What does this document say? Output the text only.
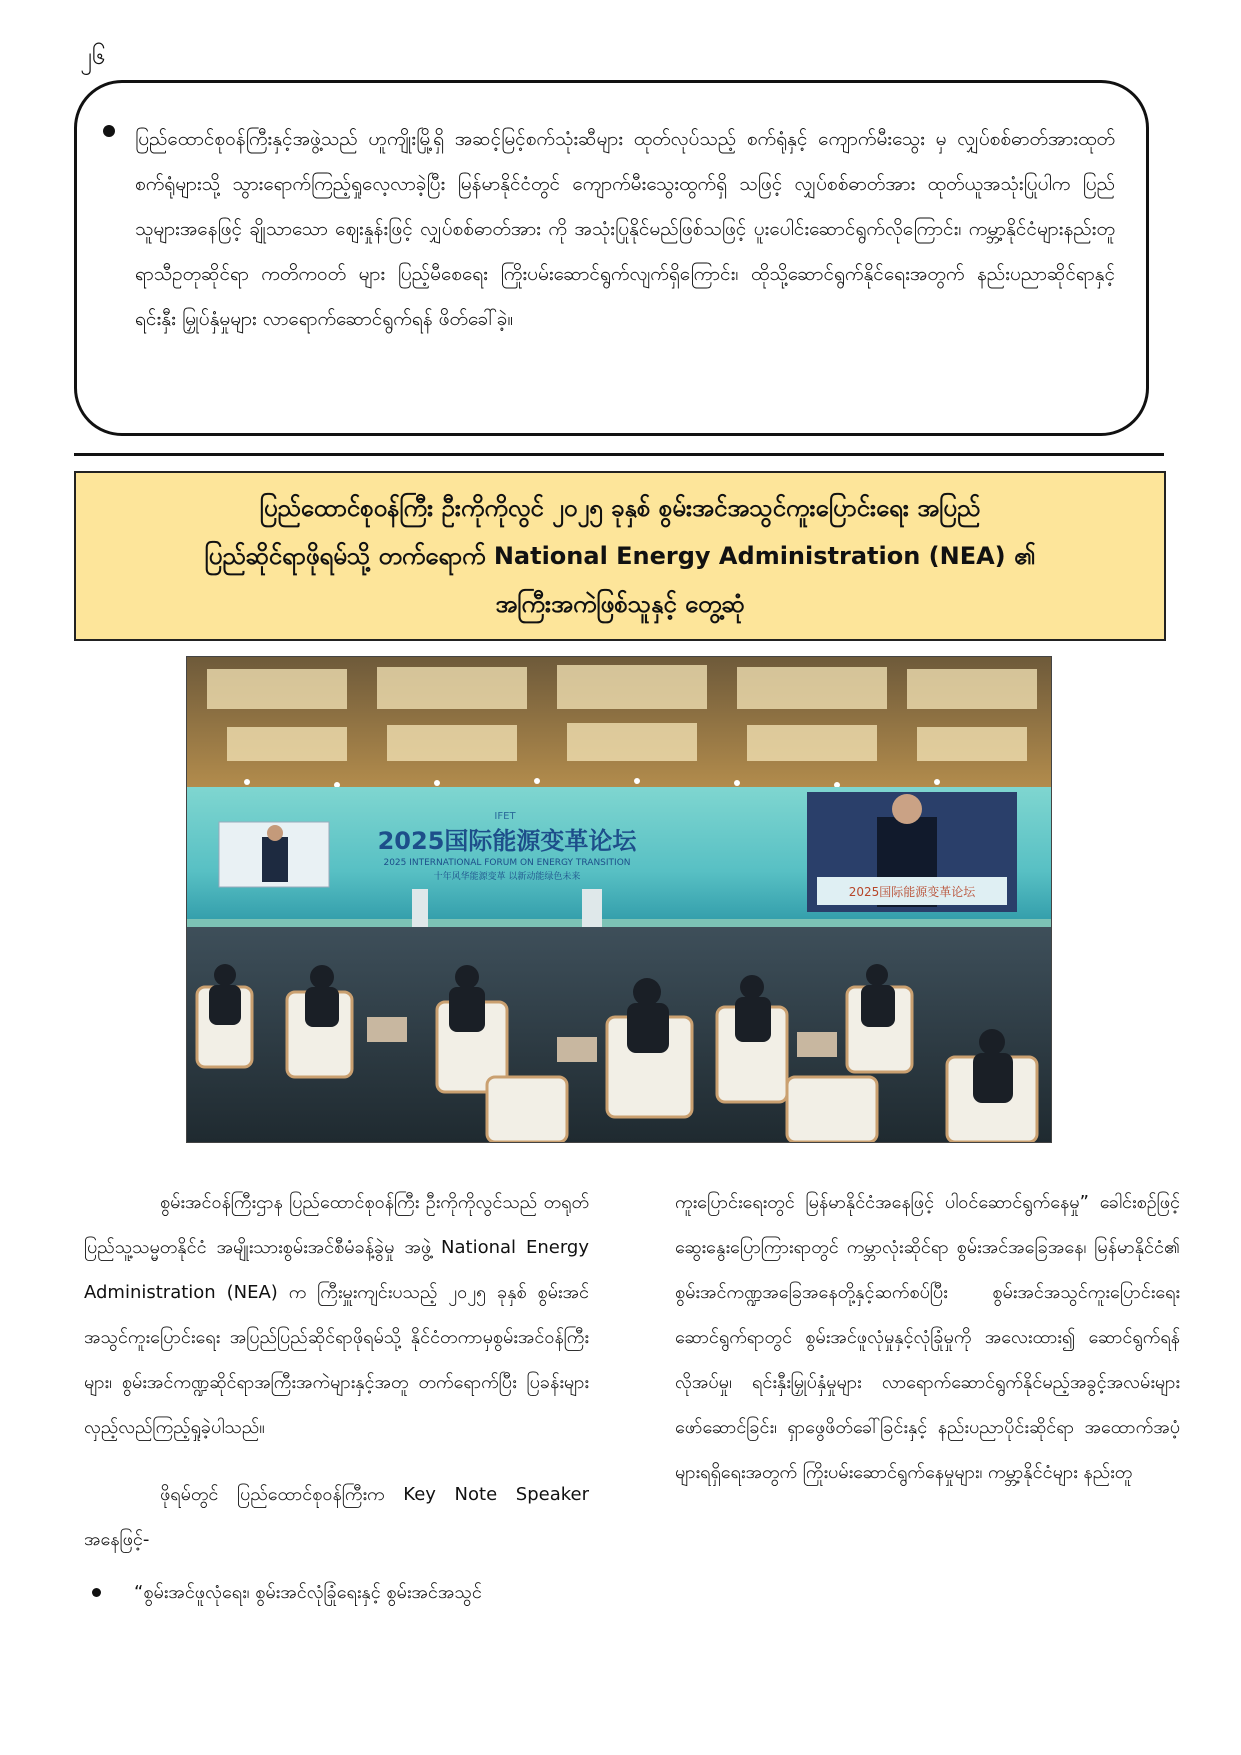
၂၆

ပြည်ထောင်စုဝန်ကြီးနှင့်အဖွဲ့သည် ဟူကျိုးမြို့ရှိ အဆင့်မြင့်စက်သုံးဆီများ ထုတ်လုပ်သည့် စက်ရုံနှင့် ကျောက်မီးသွေး မှ လျှပ်စစ်ဓာတ်အားထုတ်စက်ရုံများသို့ သွားရောက်ကြည့်ရှုလေ့လာခဲ့ပြီး မြန်မာနိုင်ငံတွင် ကျောက်မီးသွေးထွက်ရှိ သဖြင့် လျှပ်စစ်ဓာတ်အား ထုတ်ယူအသုံးပြုပါက ပြည်သူများအနေဖြင့် ချိုသာသော ဈေးနှုန်းဖြင့် လျှပ်စစ်ဓာတ်အား ကို အသုံးပြုနိုင်မည်ဖြစ်သဖြင့် ပူးပေါင်းဆောင်ရွက်လိုကြောင်း၊ ကမ္ဘာ့နိုင်ငံများနည်းတူ ရာသီဥတုဆိုင်ရာ ကတိကဝတ် များ ပြည့်မီစေရေး ကြိုးပမ်းဆောင်ရွက်လျက်ရှိကြောင်း၊ ထိုသို့ဆောင်ရွက်နိုင်ရေးအတွက် နည်းပညာဆိုင်ရာနှင့် ရင်းနှီး မြှုပ်နှံမှုများ လာရောက်ဆောင်ရွက်ရန် ဖိတ်ခေါ်ခဲ့။

ပြည်ထောင်စုဝန်ကြီး ဦးကိုကိုလွင် ၂၀၂၅ ခုနှစ် စွမ်းအင်အသွင်ကူးပြောင်းရေး အပြည်
ပြည်ဆိုင်ရာဖိုရမ်သို့ တက်ရောက် National Energy Administration (NEA) ၏
အကြီးအကဲဖြစ်သူနှင့် တွေ့ဆုံ
2025国际能源变革论坛
IFET
2025国际能源变革论坛
2025 INTERNATIONAL FORUM ON ENERGY TRANSITION
十年风华能源变革 以新动能绿色未来

စွမ်းအင်ဝန်ကြီးဌာန ပြည်ထောင်စုဝန်ကြီး ဦးကိုကိုလွင်သည် တရုတ်ပြည်သူ့သမ္မတနိုင်ငံ အမျိုးသားစွမ်းအင်စီမံခန့်ခွဲမှု အဖွဲ့ National Energy Administration (NEA) က ကြီးမှူးကျင်းပသည့် ၂၀၂၅ ခုနှစ် စွမ်းအင်အသွင်ကူးပြောင်းရေး အပြည်ပြည်ဆိုင်ရာဖိုရမ်သို့ နိုင်ငံတကာမှစွမ်းအင်ဝန်ကြီးများ၊ စွမ်းအင်ကဏ္ဍဆိုင်ရာအကြီးအကဲများနှင့်အတူ တက်ရောက်ပြီး ပြခန်းများ လှည့်လည်ကြည့်ရှုခဲ့ပါသည်။

ဖိုရမ်တွင် ပြည်ထောင်စုဝန်ကြီးက Key Note Speaker အနေဖြင့်-

“စွမ်းအင်ဖူလုံရေး၊ စွမ်းအင်လုံခြုံရေးနှင့် စွမ်းအင်အသွင်

ကူးပြောင်းရေးတွင် မြန်မာနိုင်ငံအနေဖြင့် ပါဝင်ဆောင်ရွက်နေမှု” ခေါင်းစဉ်ဖြင့် ဆွေးနွေးပြောကြားရာတွင် ကမ္ဘာလုံးဆိုင်ရာ စွမ်းအင်အခြေအနေ၊ မြန်မာနိုင်ငံ၏ စွမ်းအင်ကဏ္ဍအခြေအနေတို့နှင့်ဆက်စပ်ပြီး စွမ်းအင်အသွင်ကူးပြောင်းရေးဆောင်ရွက်ရာတွင် စွမ်းအင်ဖူလုံမှုနှင့်လုံခြုံမှုကို အလေးထား၍ ဆောင်ရွက်ရန် လိုအပ်မှု၊ ရင်းနှီးမြှုပ်နှံမှုများ လာရောက်ဆောင်ရွက်နိုင်မည့်အခွင့်အလမ်းများ ဖော်ဆောင်ခြင်း၊ ရှာဖွေဖိတ်ခေါ်ခြင်းနှင့် နည်းပညာပိုင်းဆိုင်ရာ အထောက်အပံ့များရရှိရေးအတွက် ကြိုးပမ်းဆောင်ရွက်နေမှုများ၊ ကမ္ဘာ့နိုင်ငံများ နည်းတူ
